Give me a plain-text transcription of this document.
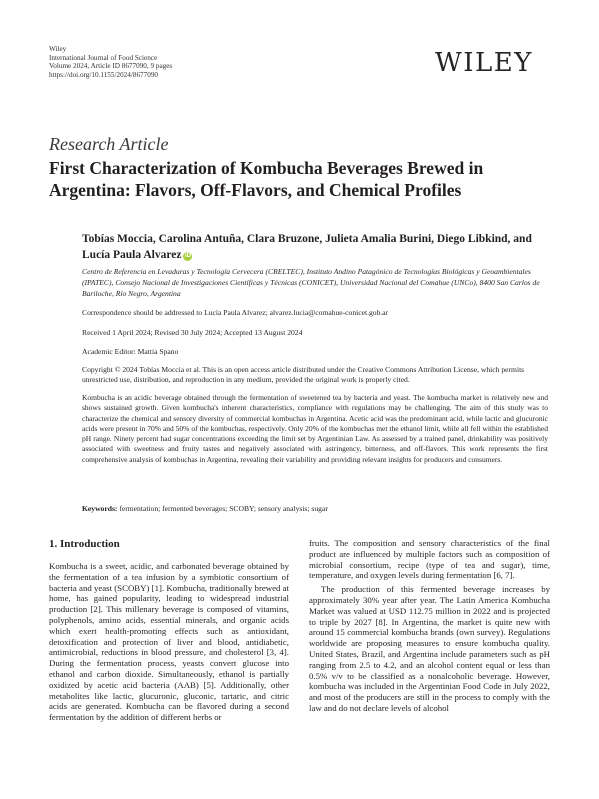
Wiley
International Journal of Food Science
Volume 2024, Article ID 8677090, 9 pages
https://doi.org/10.1155/2024/8677090	WILEY
Research Article
First Characterization of Kombucha Beverages Brewed in Argentina: Flavors, Off-Flavors, and Chemical Profiles
Tobías Moccia, Carolina Antuña, Clara Bruzone, Julieta Amalia Burini, Diego Libkind, and Lucía Paula Alvarez iD
Centro de Referencia en Levaduras y Tecnología Cervecera (CRELTEC), Instituto Andino Patagónico de Tecnologías Biológicas y Geoambientales (IPATEC), Consejo Nacional de Investigaciones Científicas y Técnicas (CONICET), Universidad Nacional del Comahue (UNCo), 8400 San Carlos de Bariloche, Río Negro, Argentina
Correspondence should be addressed to Lucía Paula Alvarez; alvarez.lucia@comahue-conicet.gob.ar
Received 1 April 2024; Revised 30 July 2024; Accepted 13 August 2024
Academic Editor: Mattia Spano
Copyright © 2024 Tobías Moccia et al. This is an open access article distributed under the Creative Commons Attribution License, which permits unrestricted use, distribution, and reproduction in any medium, provided the original work is properly cited.
Kombucha is an acidic beverage obtained through the fermentation of sweetened tea by bacteria and yeast. The kombucha market is relatively new and shows sustained growth. Given kombucha's inherent characteristics, compliance with regulations may be challenging. The aim of this study was to characterize the chemical and sensory diversity of commercial kombuchas in Argentina. Acetic acid was the predominant acid, while lactic and glucuronic acids were present in 70% and 50% of the kombuchas, respectively. Only 20% of the kombuchas met the ethanol limit, while all fell within the established pH range. Ninety percent had sugar concentrations exceeding the limit set by Argentinian Law. As assessed by a trained panel, drinkability was positively associated with sweetness and fruity tastes and negatively associated with astringency, bitterness, and off-flavors. This work represents the first comprehensive analysis of kombuchas in Argentina, revealing their variability and providing relevant insights for producers and consumers.
Keywords: fermentation; fermented beverages; SCOBY; sensory analysis; sugar
1. Introduction

Kombucha is a sweet, acidic, and carbonated beverage obtained by the fermentation of a tea infusion by a symbiotic consortium of bacteria and yeast (SCOBY) [1]. Kombucha, traditionally brewed at home, has gained popularity, leading to widespread industrial production [2]. This millenary beverage is composed of vitamins, polyphenols, amino acids, essential minerals, and organic acids which exert health-promoting effects such as antioxidant, detoxification and protection of liver and blood, antidiabetic, antimicrobial, reductions in blood pressure, and cholesterol [3, 4]. During the fermentation process, yeasts convert glucose into ethanol and carbon dioxide. Simultaneously, ethanol is partially oxidized by acetic acid bacteria (AAB) [5]. Additionally, other metabolites like lactic, glucuronic, gluconic, tartaric, and citric acids are generated. Kombucha can be flavored during a second fermentation by the addition of different herbs or

fruits. The composition and sensory characteristics of the final product are influenced by multiple factors such as composition of microbial consortium, recipe (type of tea and sugar), time, temperature, and oxygen levels during fermentation [6, 7].

The production of this fermented beverage increases by approximately 30% year after year. The Latin America Kombucha Market was valued at USD 112.75 million in 2022 and is projected to triple by 2027 [8]. In Argentina, the market is quite new with around 15 commercial kombucha brands (own survey). Regulations worldwide are proposing measures to ensure kombucha quality. United States, Brazil, and Argentina include parameters such as pH ranging from 2.5 to 4.2, and an alcohol content equal or less than 0.5% v/v to be classified as a nonalcoholic beverage. However, kombucha was included in the Argentinian Food Code in July 2022, and most of the producers are still in the process to comply with the law and do not declare levels of alcohol
